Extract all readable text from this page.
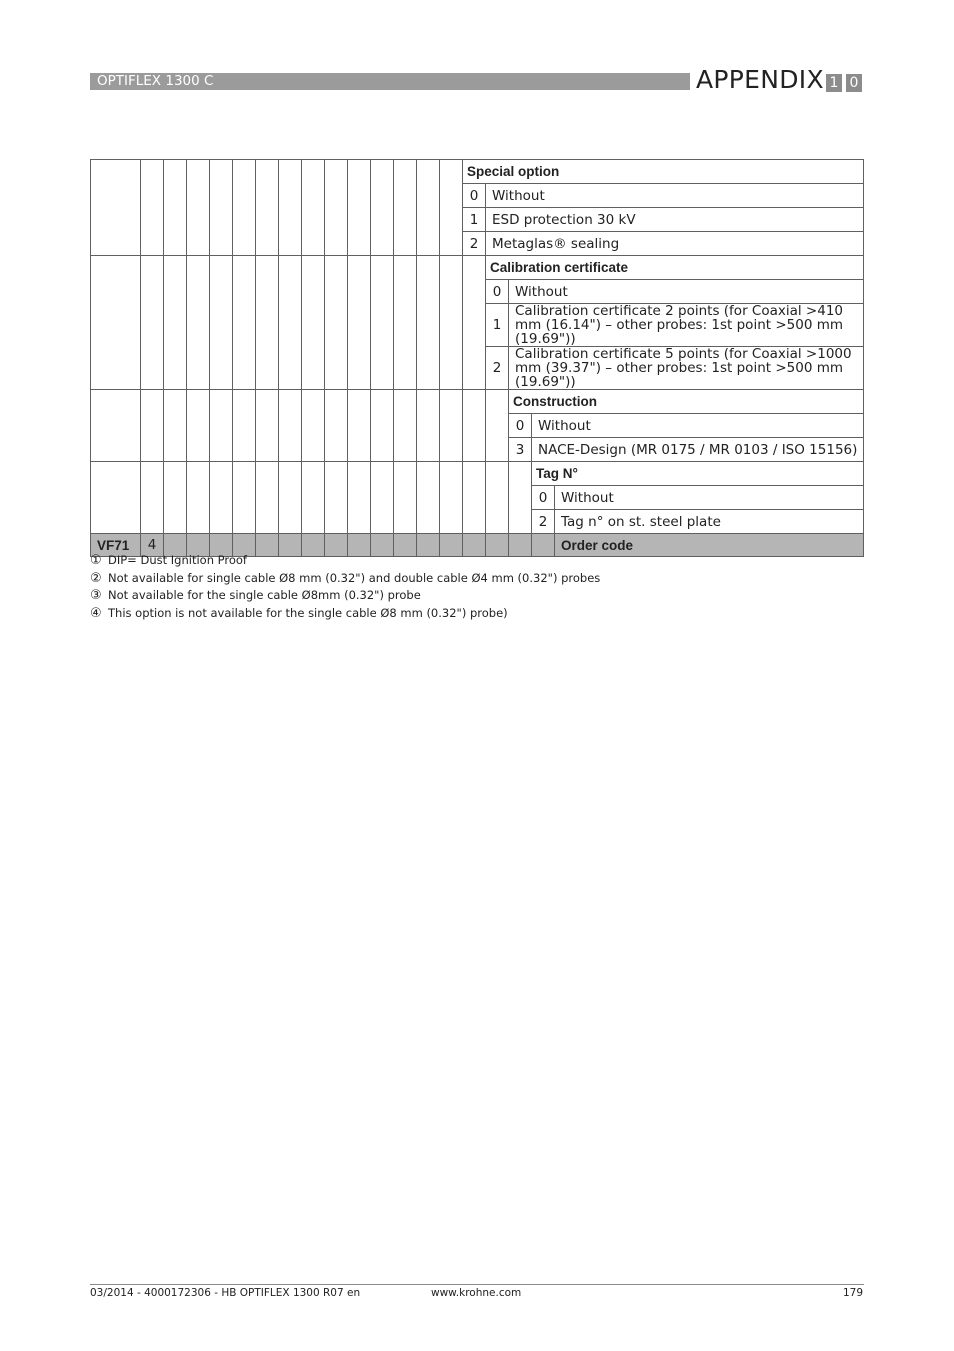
OPTIFLEX 1300 C	APPENDIX 1 0
															Special option				
															0	Without			
															1	ESD protection 30 kV			
															2	Metaglas® sealing			
																Calibration certificate			
																0	Without		
																1	Calibration certificate 2 points (for Coaxial >410 mm (16.14") – other probes: 1st point >500 mm (19.69"))		
																2	Calibration certificate 5 points (for Coaxial >1000 mm (39.37") – other probes: 1st point >500 mm (19.69"))		
																	Construction		
																	0	Without	
																	3	NACE-Design (MR 0175 / MR 0103 / ISO 15156)	
																		Tag N°	
																		0	Without
																		2	Tag n° on st. steel plate
VF71	4																		Order code
① DIP= Dust Ignition Proof
② Not available for single cable Ø8 mm (0.32") and double cable Ø4 mm (0.32") probes
③ Not available for the single cable Ø8mm (0.32") probe
④ This option is not available for the single cable Ø8 mm (0.32") probe)
03/2014 - 4000172306 - HB OPTIFLEX 1300 R07 en	www.krohne.com	179
